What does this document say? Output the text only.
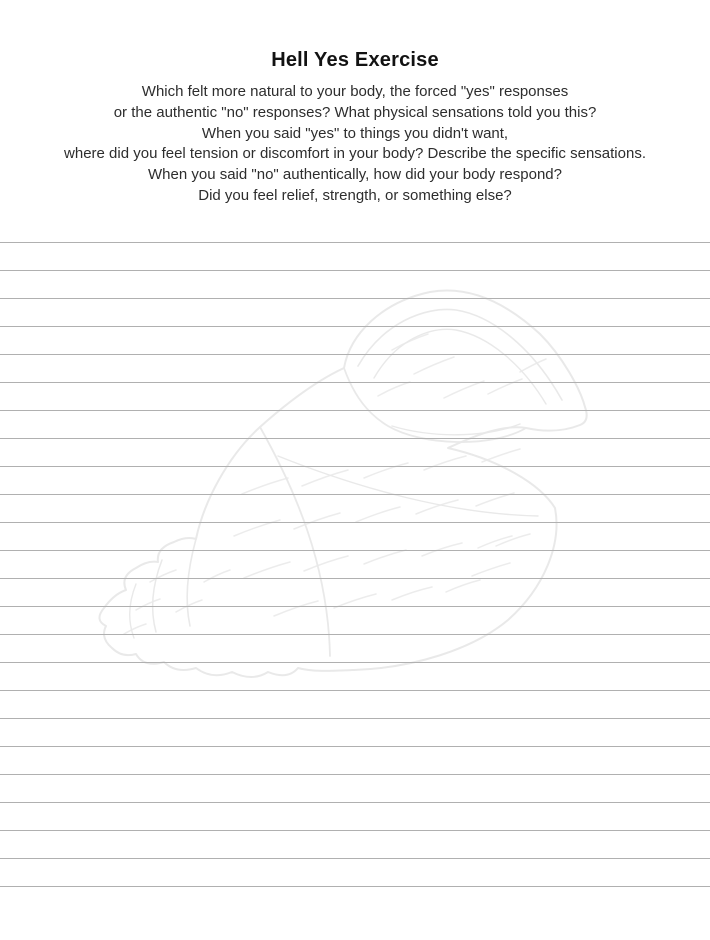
Hell Yes Exercise
Which felt more natural to your body, the forced "yes" responses
or the authentic "no" responses? What physical sensations told you this?
When you said "yes" to things you didn't want,
where did you feel tension or discomfort in your body? Describe the specific sensations.
When you said "no" authentically, how did your body respond?
Did you feel relief, strength, or something else?
